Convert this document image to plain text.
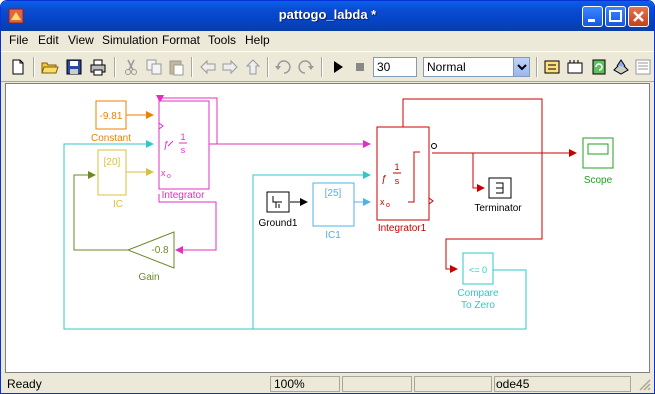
pattogo_labda *
File Edit View Simulation Format Tools Help
30	Normal
-9.81
Constant
ƒ
1
s
x o
Integrator
[20]
IC
-0.8
Gain
Ground1
[25]
IC1
ƒ
1
s
x o
Integrator1
Terminator
Scope
<= 0
Compare
To Zero
Ready	100%	ode45
